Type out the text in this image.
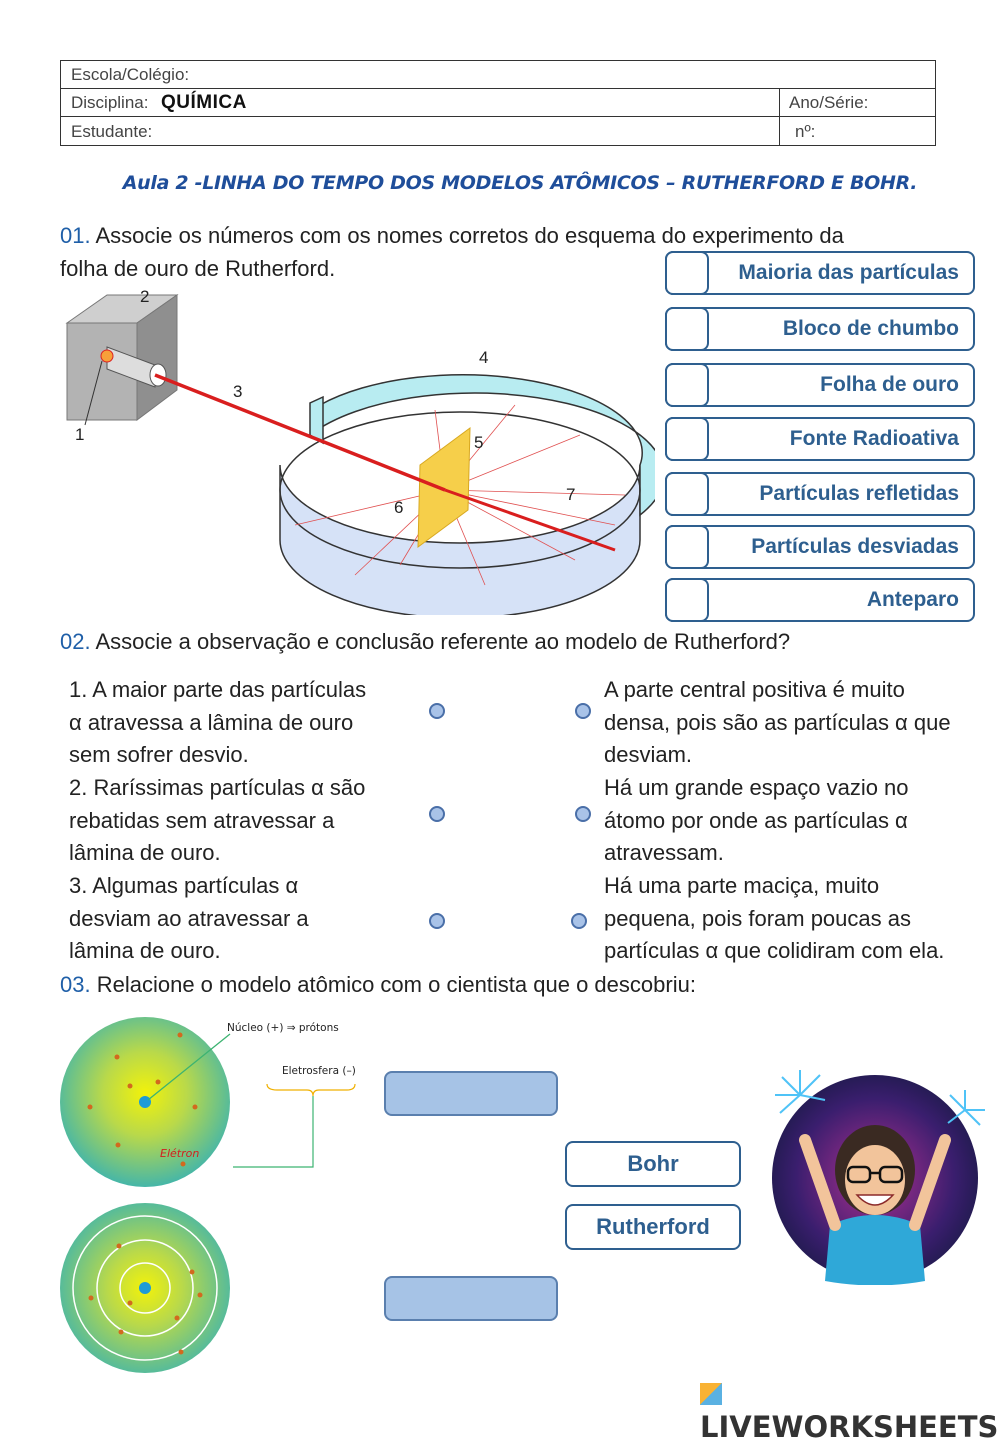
Escola/Colégio:
Disciplina: QUÍMICA	Ano/Série:
Estudante:	nº:
Aula 2 -LINHA DO TEMPO DOS MODELOS ATÔMICOS – RUTHERFORD E BOHR.
01. Associe os números com os nomes corretos do esquema do experimento da
folha de ouro de Rutherford.
1
2
3
4
5
6
7
Maioria das partículas
Bloco de chumbo
Folha de ouro
Fonte Radioativa
Partículas refletidas
Partículas desviadas
Anteparo
02. Associe a observação e conclusão referente ao modelo de Rutherford?
1. A maior parte das partículas
α atravessa a lâmina de ouro
sem sofrer desvio.
2. Raríssimas partículas α são
rebatidas sem atravessar a
lâmina de ouro.
3. Algumas partículas α
desviam ao atravessar a
lâmina de ouro.
A parte central positiva é muito
densa, pois são as partículas α que
desviam.
Há um grande espaço vazio no
átomo por onde as partículas α
atravessam.
Há uma parte maciça, muito
pequena, pois foram poucas as
partículas α que colidiram com ela.
03. Relacione o modelo atômico com o cientista que o descobriu:
Núcleo (+) ⇒ prótons
Eletrosfera (–)
Elétron	Bohr
Rutherford
LIVEWORKSHEETS
